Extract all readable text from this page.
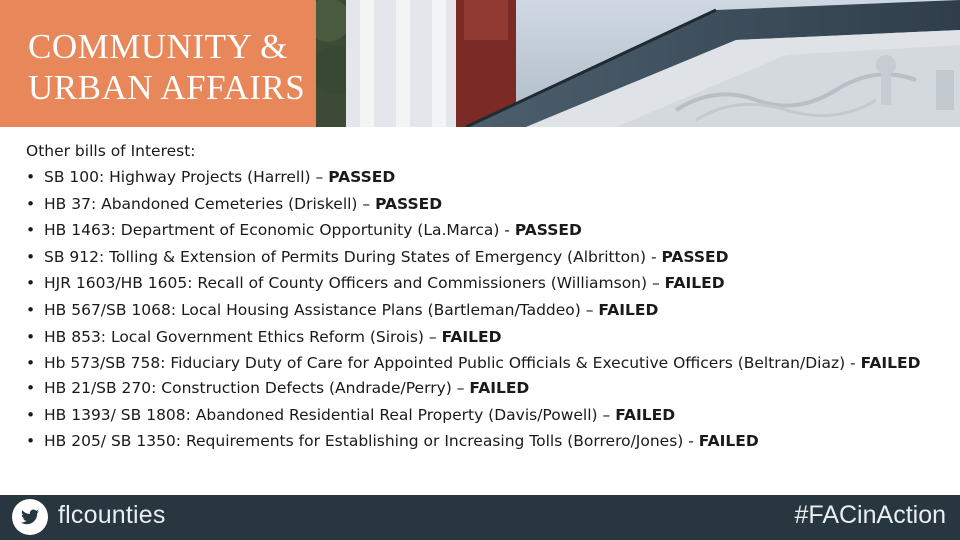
COMMUNITY &
URBAN AFFAIRS
Other bills of Interest:
• SB 100: Highway Projects (Harrell) – PASSED
• HB 37: Abandoned Cemeteries (Driskell) – PASSED
• HB 1463: Department of Economic Opportunity (La.Marca) - PASSED
• SB 912: Tolling & Extension of Permits During States of Emergency (Albritton) - PASSED
• HJR 1603/HB 1605: Recall of County Officers and Commissioners (Williamson) – FAILED
• HB 567/SB 1068: Local Housing Assistance Plans (Bartleman/Taddeo) – FAILED
• HB 853: Local Government Ethics Reform (Sirois) – FAILED
• Hb 573/SB 758: Fiduciary Duty of Care for Appointed Public Officials & Executive Officers (Beltran/Diaz) - FAILED
• HB 21/SB 270: Construction Defects (Andrade/Perry) – FAILED
• HB 1393/ SB 1808: Abandoned Residential Real Property (Davis/Powell) – FAILED
• HB 205/ SB 1350: Requirements for Establishing or Increasing Tolls (Borrero/Jones) - FAILED
flcounties	#FACinAction
